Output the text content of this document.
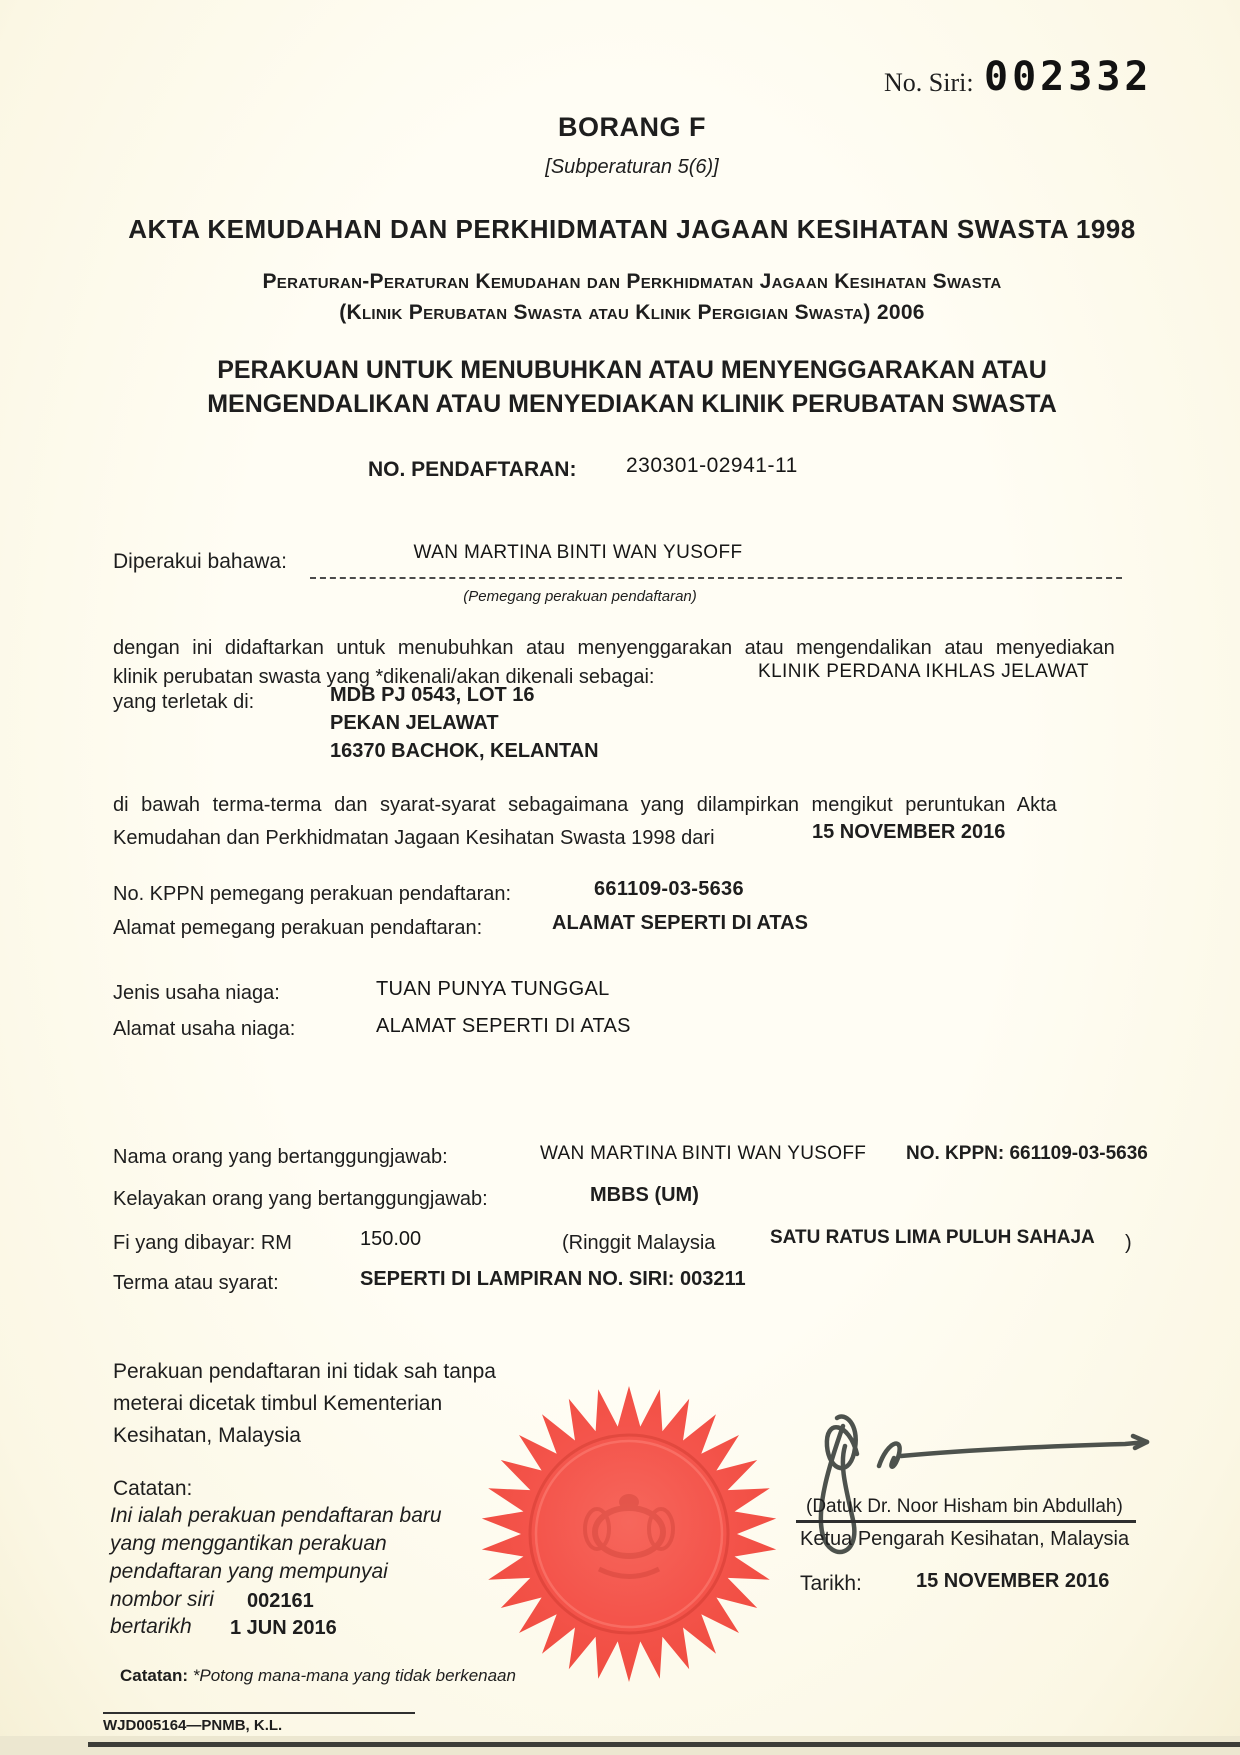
No. Siri: 002332
BORANG F
[Subperaturan 5(6)]
AKTA KEMUDAHAN DAN PERKHIDMATAN JAGAAN KESIHATAN SWASTA 1998
Peraturan-Peraturan Kemudahan dan Perkhidmatan Jagaan Kesihatan Swasta
(Klinik Perubatan Swasta atau Klinik Pergigian Swasta) 2006
PERAKUAN UNTUK MENUBUHKAN ATAU MENYENGGARAKAN ATAU
MENGENDALIKAN ATAU MENYEDIAKAN KLINIK PERUBATAN SWASTA
NO. PENDAFTARAN: 230301-02941-11
Diperakui bahawa:	WAN MARTINA BINTI WAN YUSOFF
(Pemegang perakuan pendaftaran)
dengan ini didaftarkan untuk menubuhkan atau menyenggarakan atau mengendalikan atau menyediakan
klinik perubatan swasta yang *dikenali/akan dikenali sebagai:	KLINIK PERDANA IKHLAS JELAWAT
yang terletak di:	MDB PJ 0543, LOT 16
PEKAN JELAWAT
16370 BACHOK, KELANTAN
di bawah terma-terma dan syarat-syarat sebagaimana yang dilampirkan mengikut peruntukan Akta
Kemudahan dan Perkhidmatan Jagaan Kesihatan Swasta 1998 dari	15 NOVEMBER 2016
No. KPPN pemegang perakuan pendaftaran:	661109-03-5636
Alamat pemegang perakuan pendaftaran:	ALAMAT SEPERTI DI ATAS
Jenis usaha niaga:	TUAN PUNYA TUNGGAL
Alamat usaha niaga:	ALAMAT SEPERTI DI ATAS
Nama orang yang bertanggungjawab:	WAN MARTINA BINTI WAN YUSOFF NO. KPPN: 661109-03-5636
Kelayakan orang yang bertanggungjawab:	MBBS (UM)
Fi yang dibayar: RM	150.00	(Ringgit Malaysia	SATU RATUS LIMA PULUH SAHAJA )
Terma atau syarat:	SEPERTI DI LAMPIRAN NO. SIRI: 003211
Perakuan pendaftaran ini tidak sah tanpa
meterai dicetak timbul Kementerian
Kesihatan, Malaysia
Catatan:
Ini ialah perakuan pendaftaran baru
yang menggantikan perakuan
pendaftaran yang mempunyai
nombor siri 002161
bertarikh 1 JUN 2016
(Datuk Dr. Noor Hisham bin Abdullah)
Ketua Pengarah Kesihatan, Malaysia
Tarikh:	15 NOVEMBER 2016
Catatan: *Potong mana-mana yang tidak berkenaan
WJD005164—PNMB, K.L.
